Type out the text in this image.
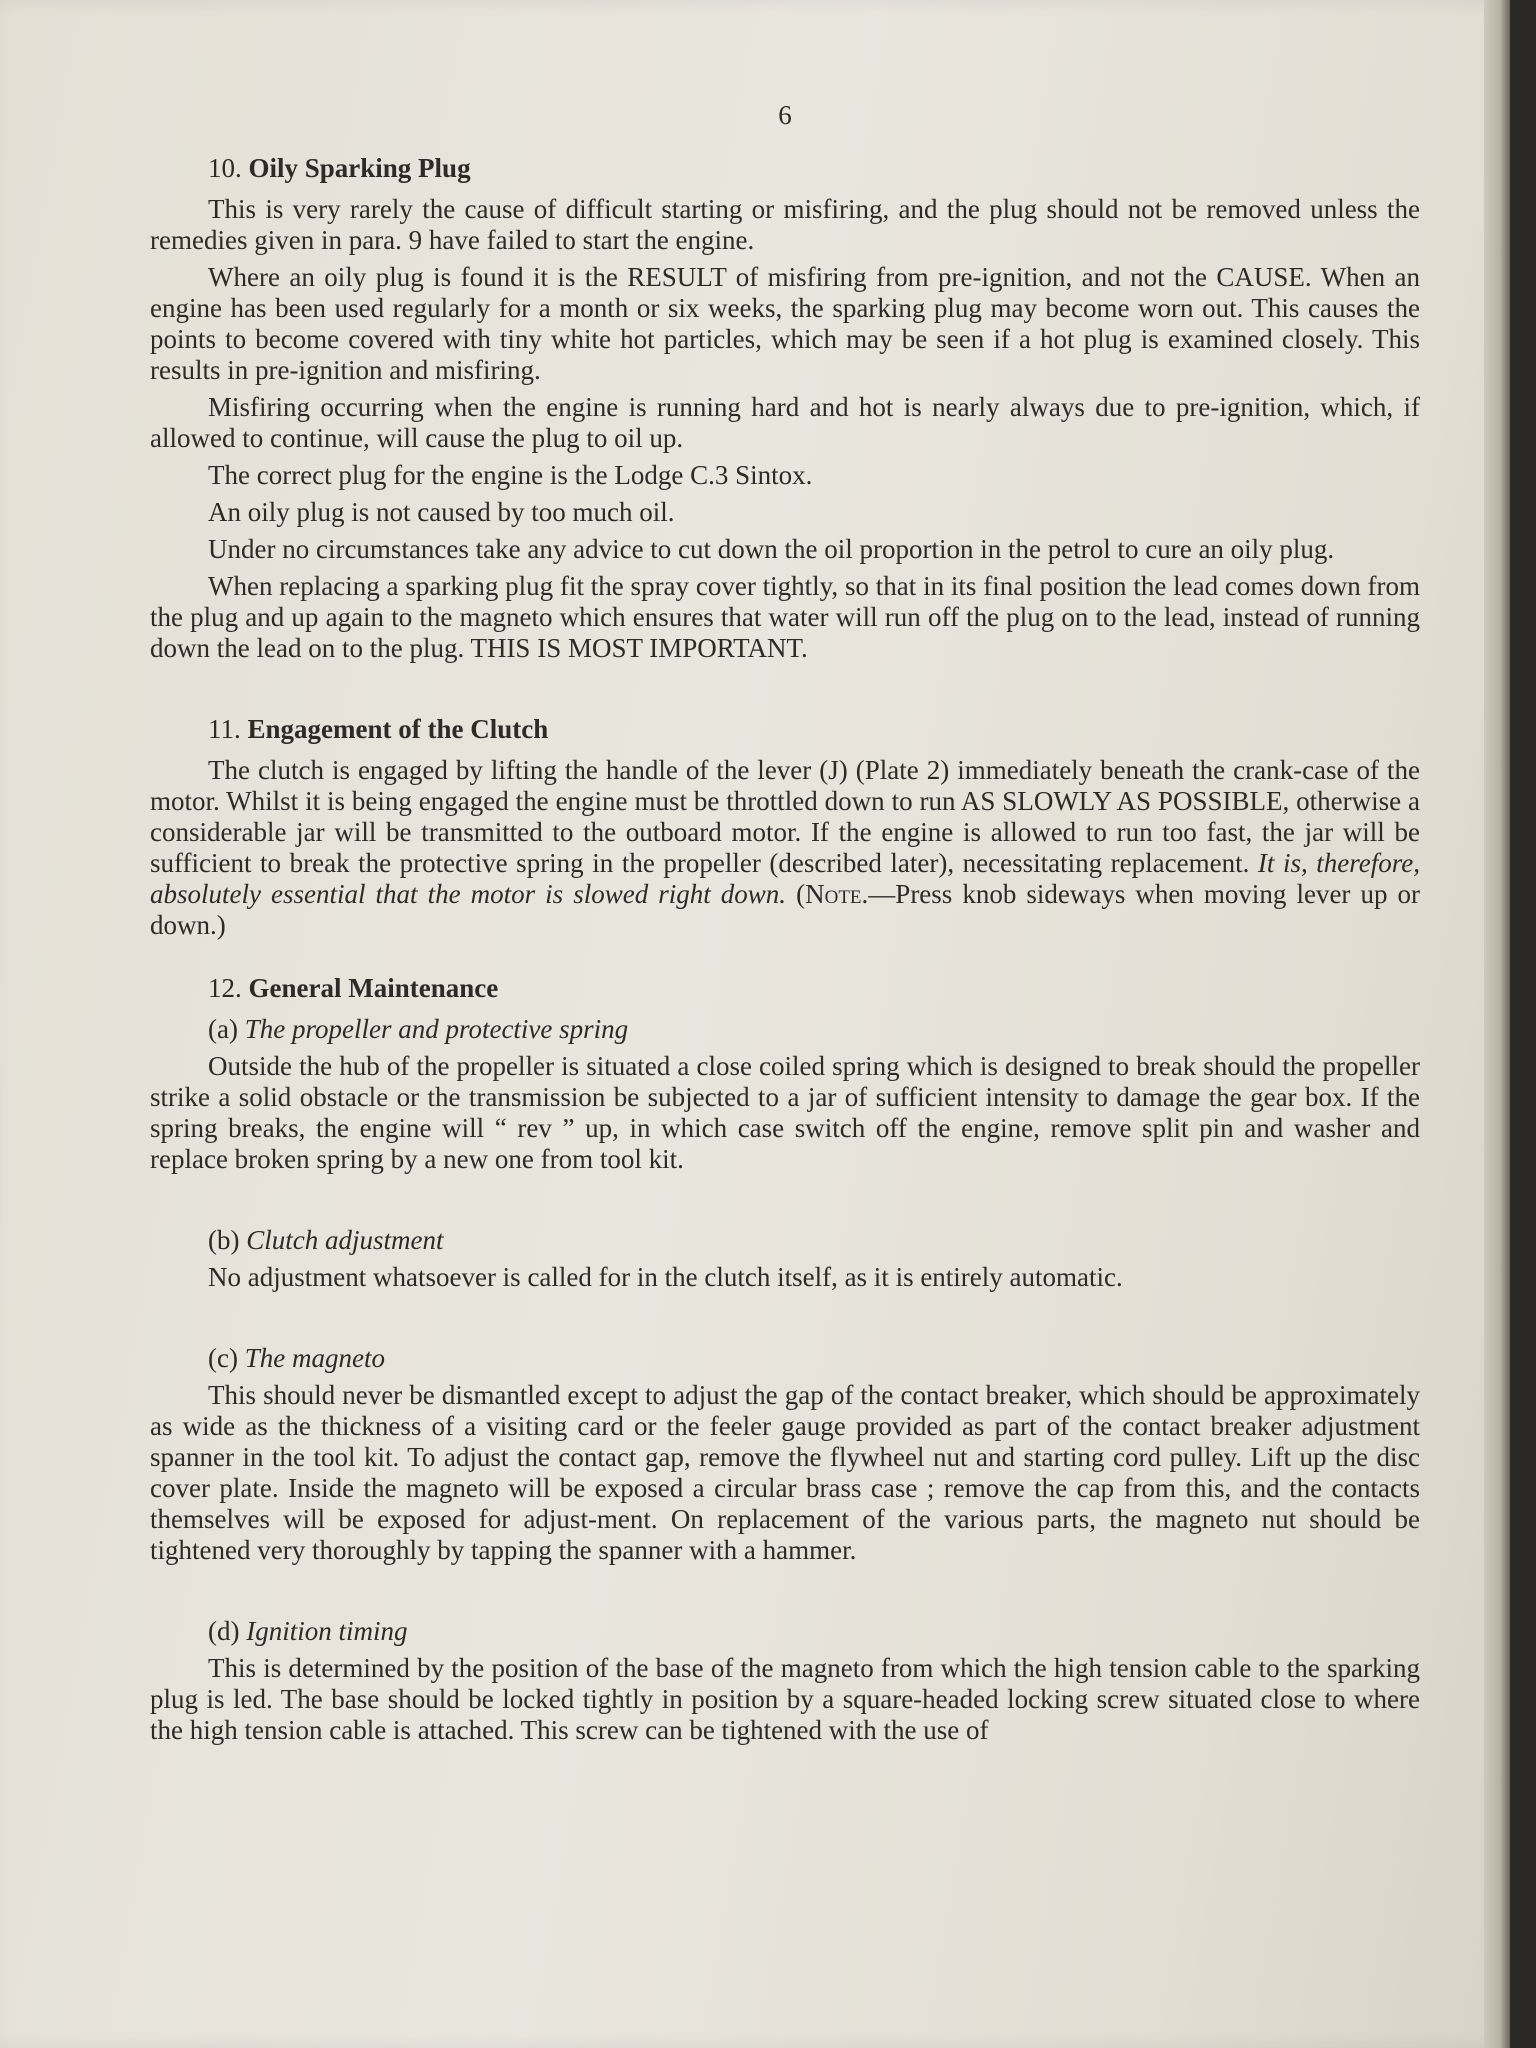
6
10. Oily Sparking Plug

This is very rarely the cause of difficult starting or misfiring, and the plug should not be removed unless the remedies given in para. 9 have failed to start the engine.

Where an oily plug is found it is the RESULT of misfiring from pre-ignition, and not the CAUSE. When an engine has been used regularly for a month or six weeks, the sparking plug may become worn out. This causes the points to become covered with tiny white hot particles, which may be seen if a hot plug is examined closely. This results in pre-ignition and misfiring.

Misfiring occurring when the engine is running hard and hot is nearly always due to pre-ignition, which, if allowed to continue, will cause the plug to oil up.

The correct plug for the engine is the Lodge C.3 Sintox.

An oily plug is not caused by too much oil.

Under no circumstances take any advice to cut down the oil proportion in the petrol to cure an oily plug.

When replacing a sparking plug fit the spray cover tightly, so that in its final position the lead comes down from the plug and up again to the magneto which ensures that water will run off the plug on to the lead, instead of running down the lead on to the plug. THIS IS MOST IMPORTANT.

11. Engagement of the Clutch

The clutch is engaged by lifting the handle of the lever (J) (Plate 2) immediately beneath the crank-case of the motor. Whilst it is being engaged the engine must be throttled down to run AS SLOWLY AS POSSIBLE, otherwise a considerable jar will be transmitted to the outboard motor. If the engine is allowed to run too fast, the jar will be sufficient to break the protective spring in the propeller (described later), necessitating replacement. It is, therefore, absolutely essential that the motor is slowed right down. (Note.—Press knob sideways when moving lever up or down.)

12. General Maintenance
(a) The propeller and protective spring

Outside the hub of the propeller is situated a close coiled spring which is designed to break should the propeller strike a solid obstacle or the transmission be subjected to a jar of sufficient intensity to damage the gear box. If the spring breaks, the engine will “ rev ” up, in which case switch off the engine, remove split pin and washer and replace broken spring by a new one from tool kit.

(b) Clutch adjustment

No adjustment whatsoever is called for in the clutch itself, as it is entirely automatic.

(c) The magneto

This should never be dismantled except to adjust the gap of the contact breaker, which should be approximately as wide as the thickness of a visiting card or the feeler gauge provided as part of the contact breaker adjustment spanner in the tool kit. To adjust the contact gap, remove the flywheel nut and starting cord pulley. Lift up the disc cover plate. Inside the magneto will be exposed a circular brass case ; remove the cap from this, and the contacts themselves will be exposed for adjust-ment. On replacement of the various parts, the magneto nut should be tightened very thoroughly by tapping the spanner with a hammer.

(d) Ignition timing

This is determined by the position of the base of the magneto from which the high tension cable to the sparking plug is led. The base should be locked tightly in position by a square-headed locking screw situated close to where the high tension cable is attached. This screw can be tightened with the use of
